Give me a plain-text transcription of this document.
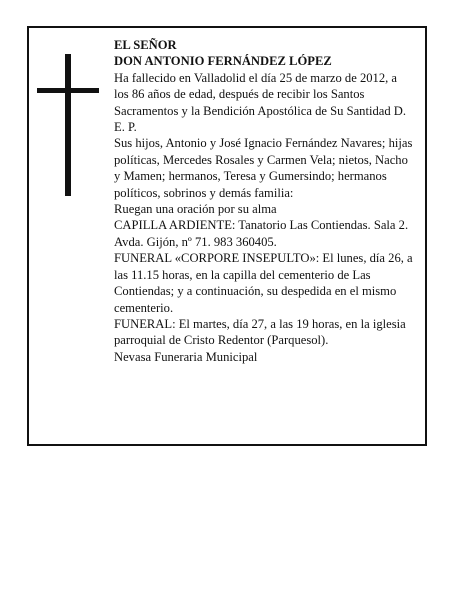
EL SEÑOR

DON ANTONIO FERNÁNDEZ LÓPEZ

Ha fallecido en Valladolid el día 25 de marzo de 2012, a los 86 años de edad, después de recibir los Santos Sacramentos y la Bendición Apostólica de Su Santidad D. E. P.

Sus hijos, Antonio y José Ignacio Fernández Navares; hijas políticas, Mercedes Rosales y Carmen Vela; nietos, Nacho y Mamen; hermanos, Teresa y Gumersindo; hermanos políticos, sobrinos y demás familia:

Ruegan una oración por su alma

CAPILLA ARDIENTE: Tanatorio Las Contiendas. Sala 2. Avda. Gijón, nº 71. 983 360405.

FUNERAL «CORPORE INSEPULTO»: El lunes, día 26, a las 11.15 horas, en la capilla del cementerio de Las Contiendas; y a continuación, su despedida en el mismo cementerio.

FUNERAL: El martes, día 27, a las 19 horas, en la iglesia parroquial de Cristo Redentor (Parquesol).

Nevasa Funeraria Municipal
